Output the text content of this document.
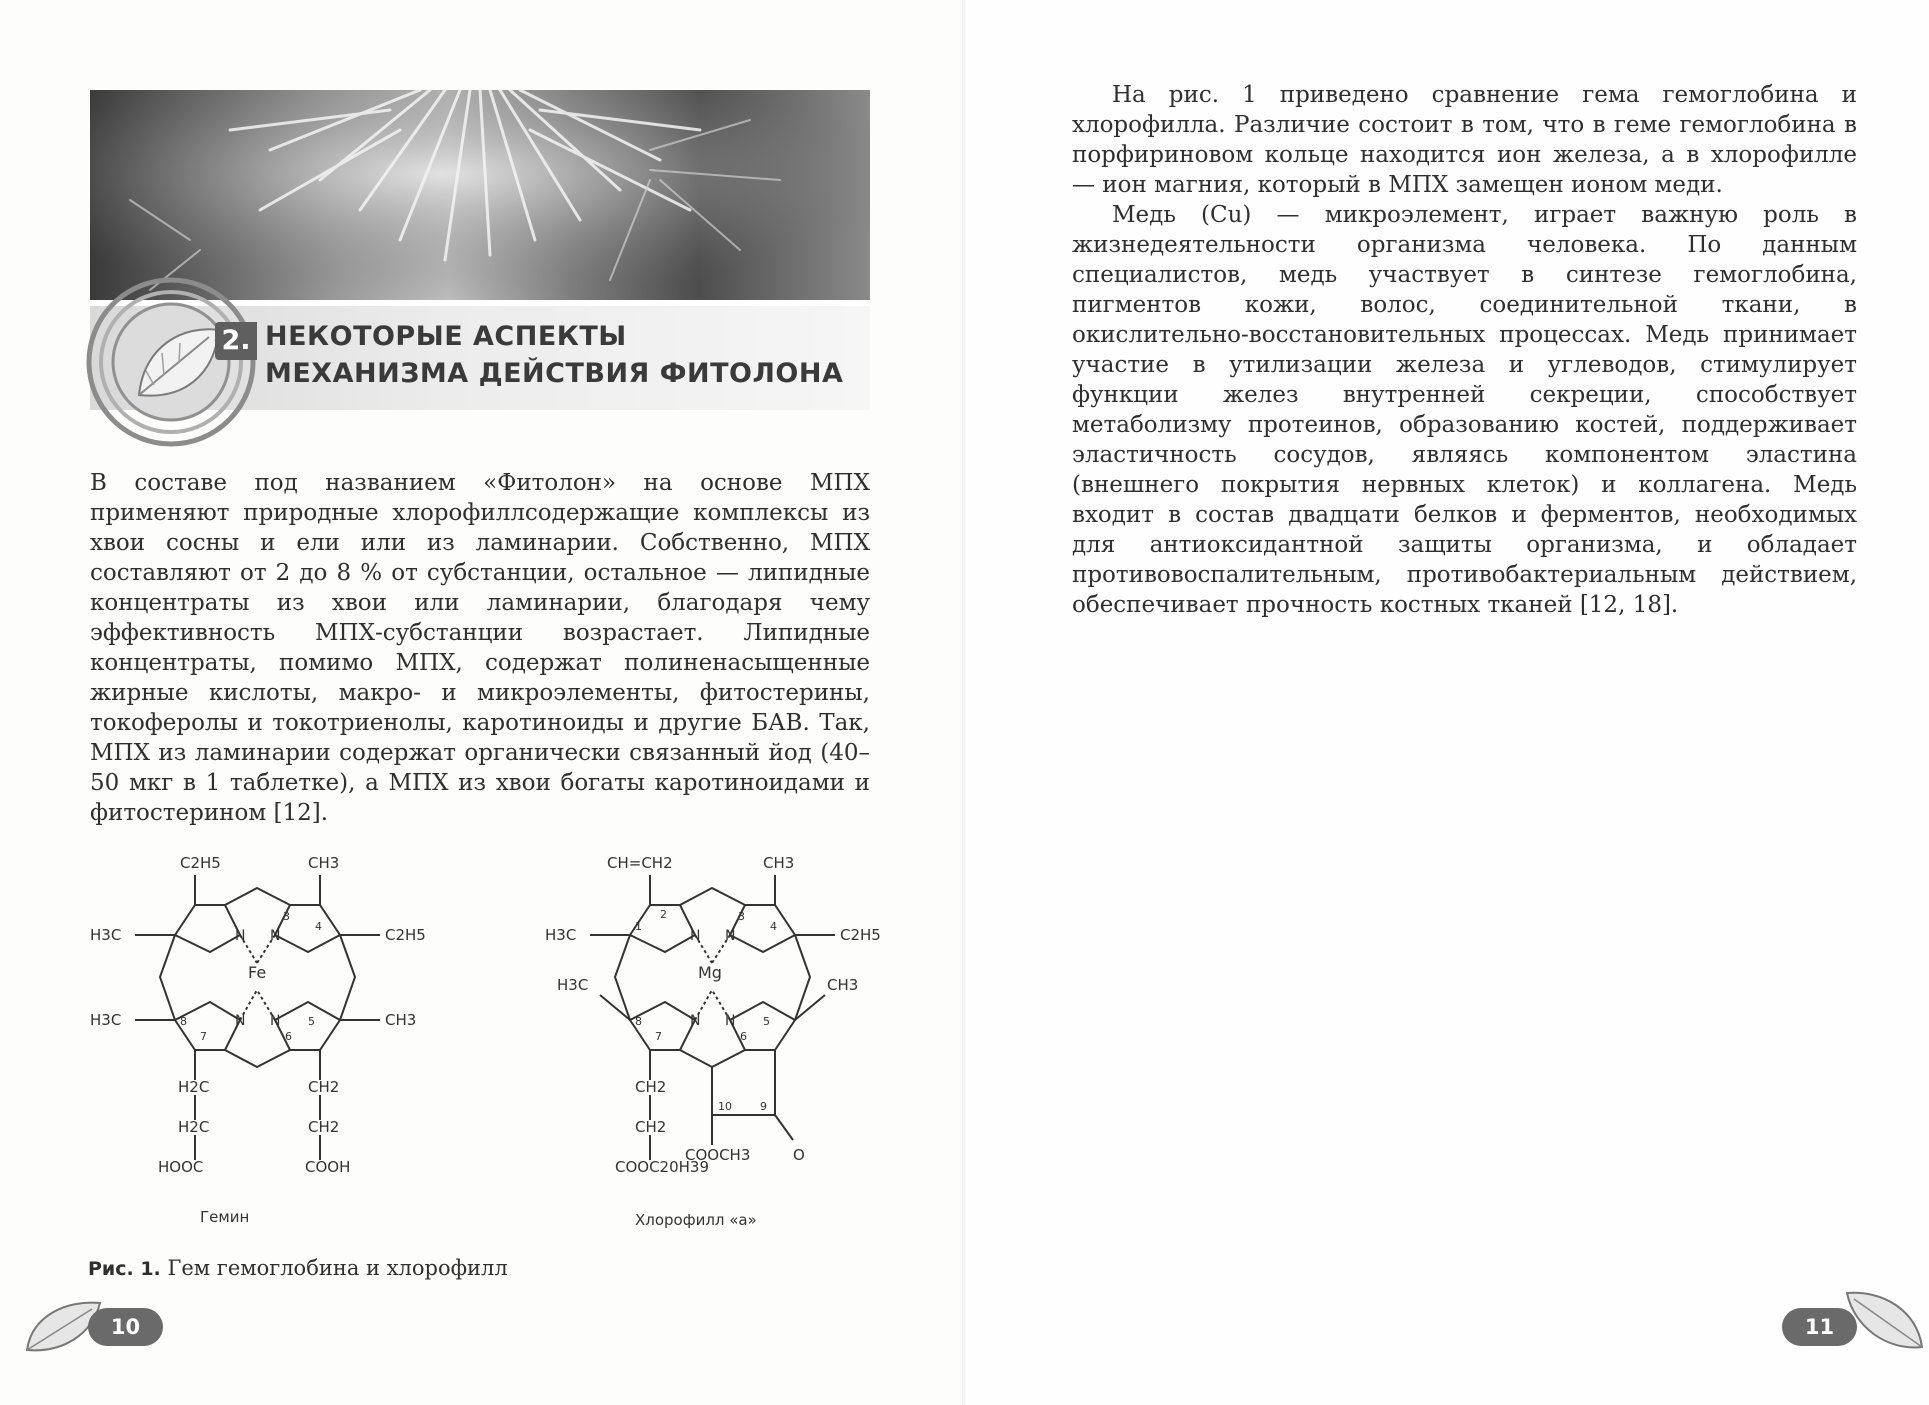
2. НЕКОТОРЫЕ АСПЕКТЫ
МЕХАНИЗМА ДЕЙСТВИЯ ФИТОЛОНА

В составе под названием «Фитолон» на основе МПХ применяют природные хлорофиллсодержащие комплексы из хвои сосны и ели или из ламинарии. Собственно, МПХ составляют от 2 до 8 % от субстанции, остальное — липидные концентраты из хвои или ламинарии, благодаря чему эффективность МПХ-субстанции возрастает. Липидные концентраты, помимо МПХ, содержат полиненасыщенные жирные кислоты, макро- и микроэлементы, фитостерины, токоферолы и токотриенолы, каротиноиды и другие БАВ. Так, МПХ из ламинарии содержат органически связанный йод (40–50 мкг в 1 таблетке), а МПХ из хвои богаты каротиноидами и фитостерином [12].

C2H5	CH3
H3C	C2H5
H3C	CH3
H2C
H2C
HOOC
CH2
CH2
COOH
Fe
N N
N N
3
4
5
6
7
8
Гемин
CH=CH2	CH3
H3C	C2H5
H3C	CH3
CH2
CH2
COOC20H39
COOCH3	O
Mg
N N
N N
1
2	3
4
5
6
7
8
9
10
Хлорофилл «a»
Рис. 1. Гем гемоглобина и хлорофилл
10

На рис. 1 приведено сравнение гема гемоглобина и хлорофилла. Различие состоит в том, что в геме гемоглобина в порфириновом кольце находится ион железа, а в хлорофилле — ион магния, который в МПХ замещен ионом меди.

Медь (Cu) — микроэлемент, играет важную роль в жизнедеятельности организма человека. По данным специалистов, медь участвует в синтезе гемоглобина, пигментов кожи, волос, соединительной ткани, в окислительно-восстановительных процессах. Медь принимает участие в утилизации железа и углеводов, стимулирует функции желез внутренней секреции, способствует метаболизму протеинов, образованию костей, поддерживает эластичность сосудов, являясь компонентом эластина (внешнего покрытия нервных клеток) и коллагена. Медь входит в состав двадцати белков и ферментов, необходимых для антиоксидантной защиты организма, и обладает противовоспалительным, противобактериальным действием, обеспечивает прочность костных тканей [12, 18].

11
